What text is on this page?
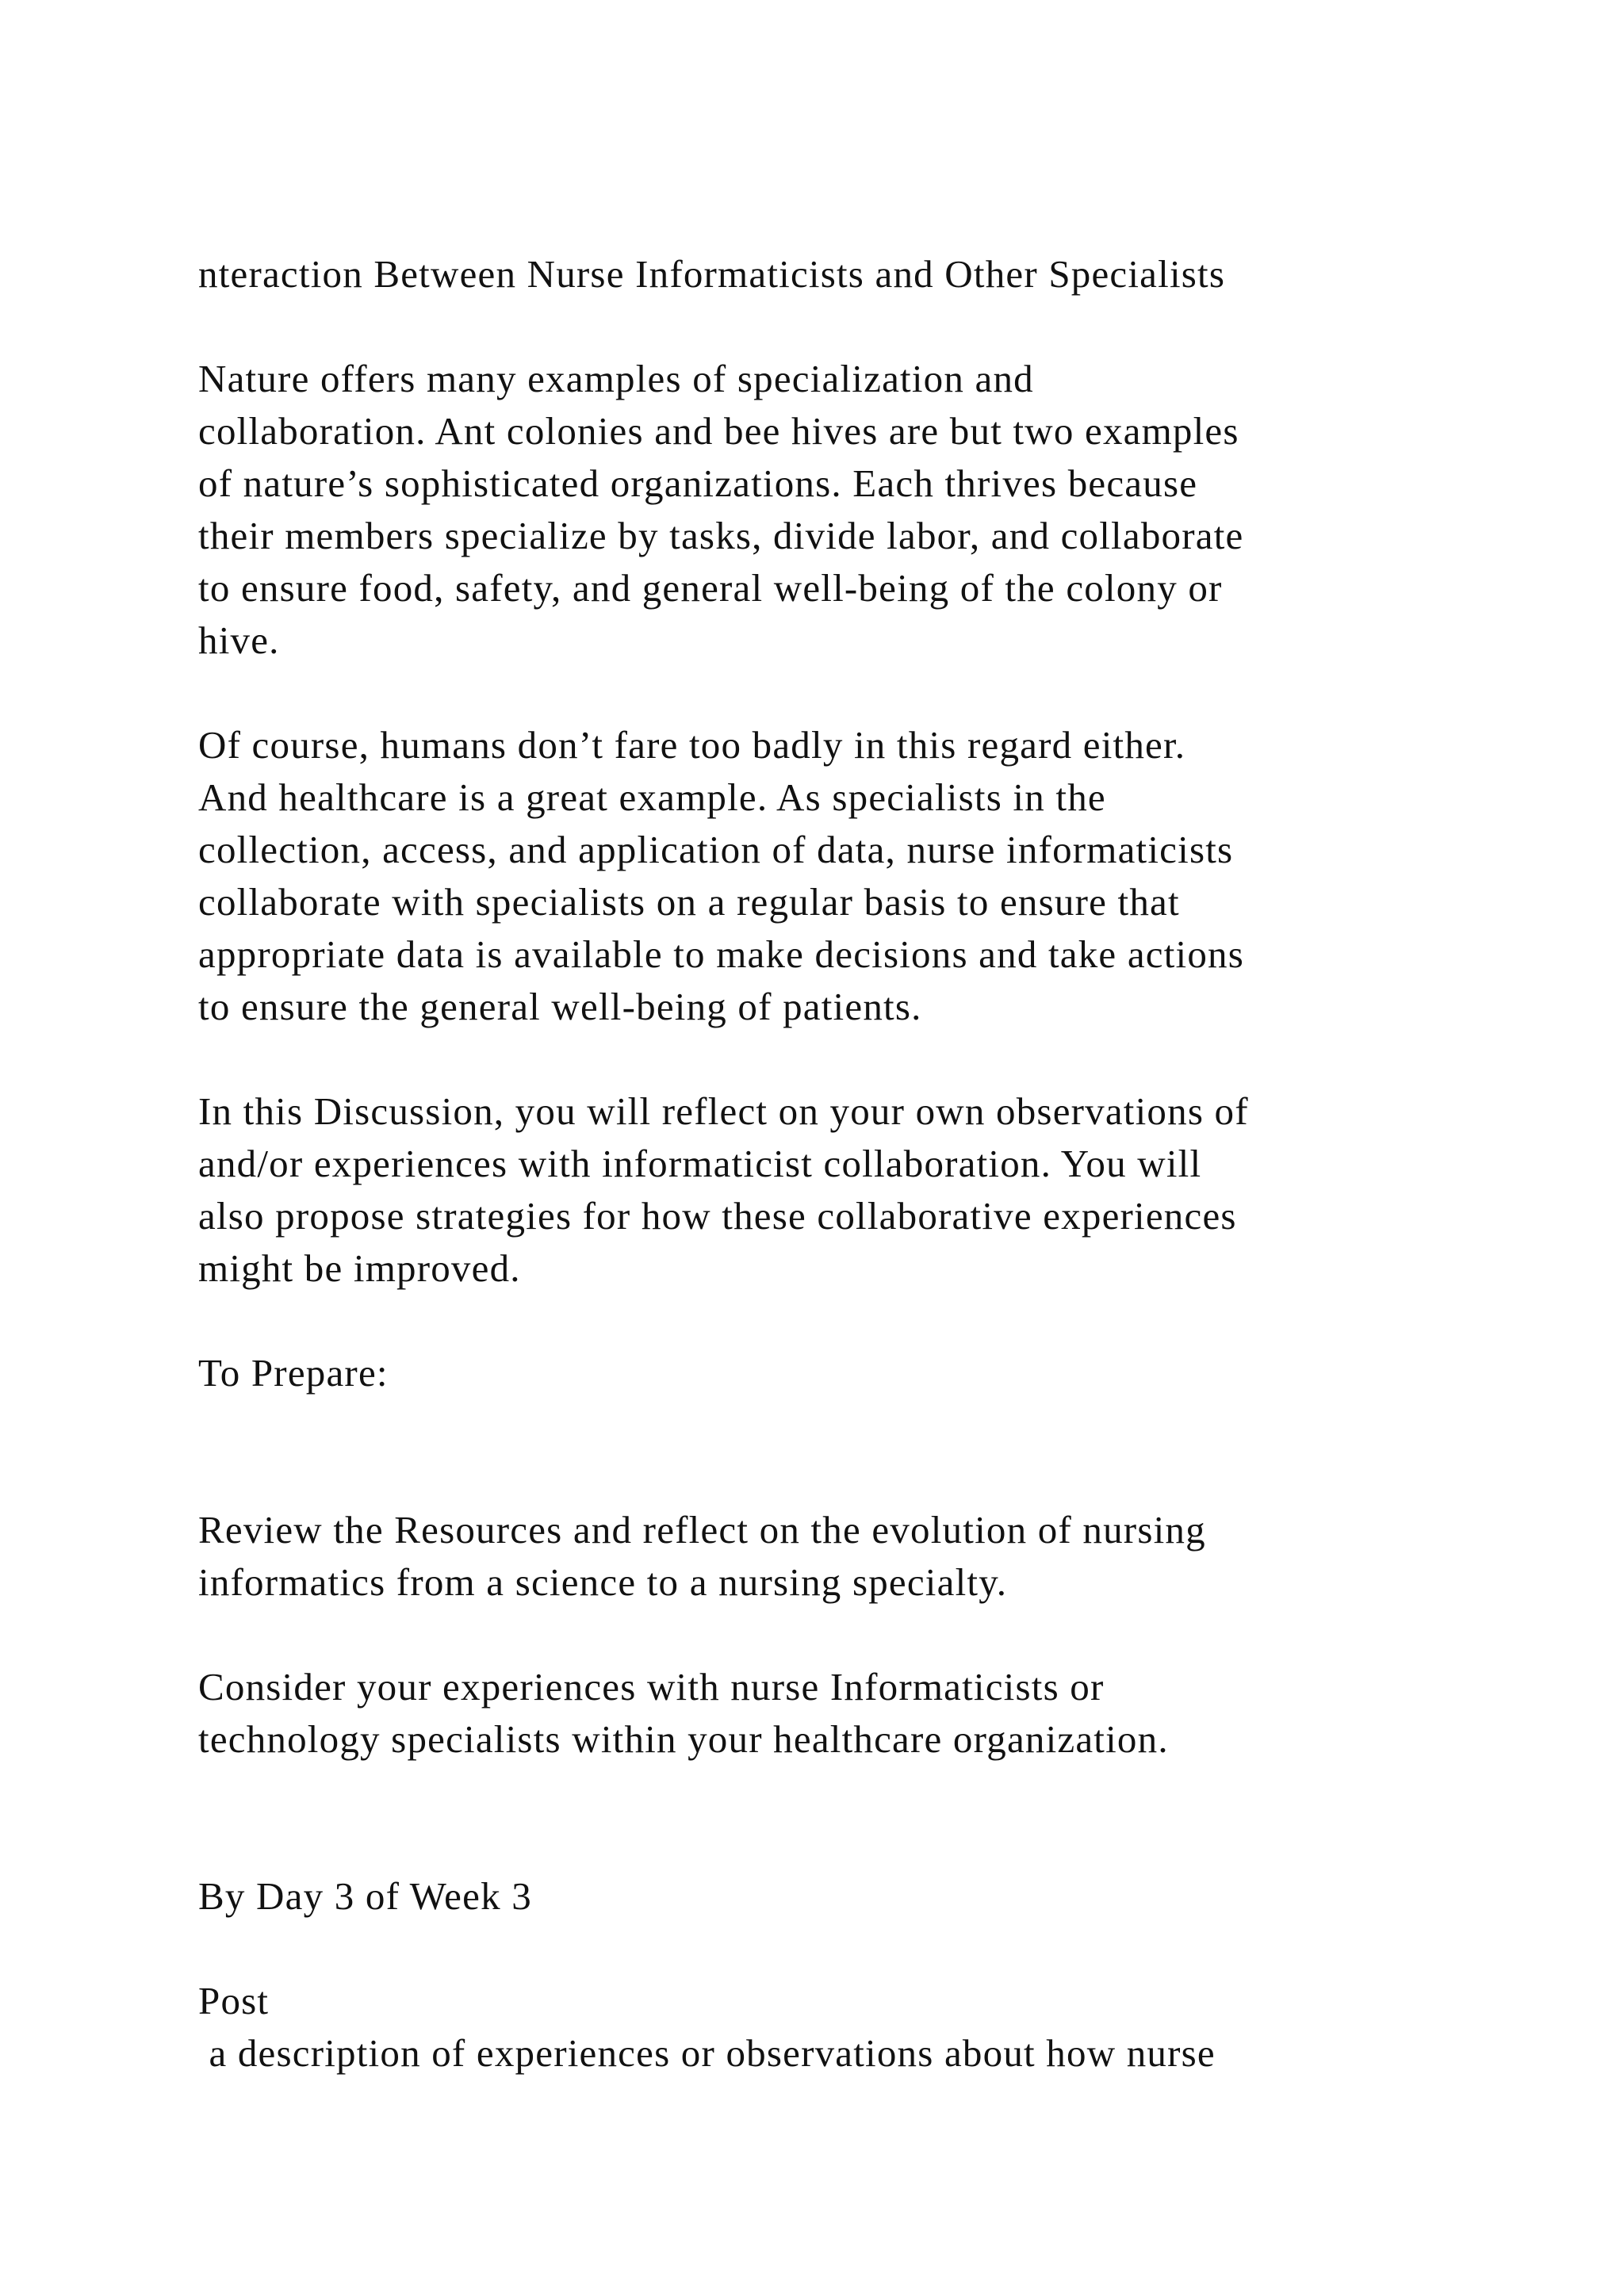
nteraction Between Nurse Informaticists and Other Specialists

Nature offers many examples of specialization and

collaboration. Ant colonies and bee hives are but two examples

of nature’s sophisticated organizations. Each thrives because

their members specialize by tasks, divide labor, and collaborate

to ensure food, safety, and general well-being of the colony or

hive.

Of course, humans don’t fare too badly in this regard either.

And healthcare is a great example. As specialists in the

collection, access, and application of data, nurse informaticists

collaborate with specialists on a regular basis to ensure that

appropriate data is available to make decisions and take actions

to ensure the general well-being of patients.

In this Discussion, you will reflect on your own observations of

and/or experiences with informaticist collaboration. You will

also propose strategies for how these collaborative experiences

might be improved.

To Prepare:

Review the Resources and reflect on the evolution of nursing

informatics from a science to a nursing specialty.

Consider your experiences with nurse Informaticists or

technology specialists within your healthcare organization.

By Day 3 of Week 3

Post

a description of experiences or observations about how nurse
